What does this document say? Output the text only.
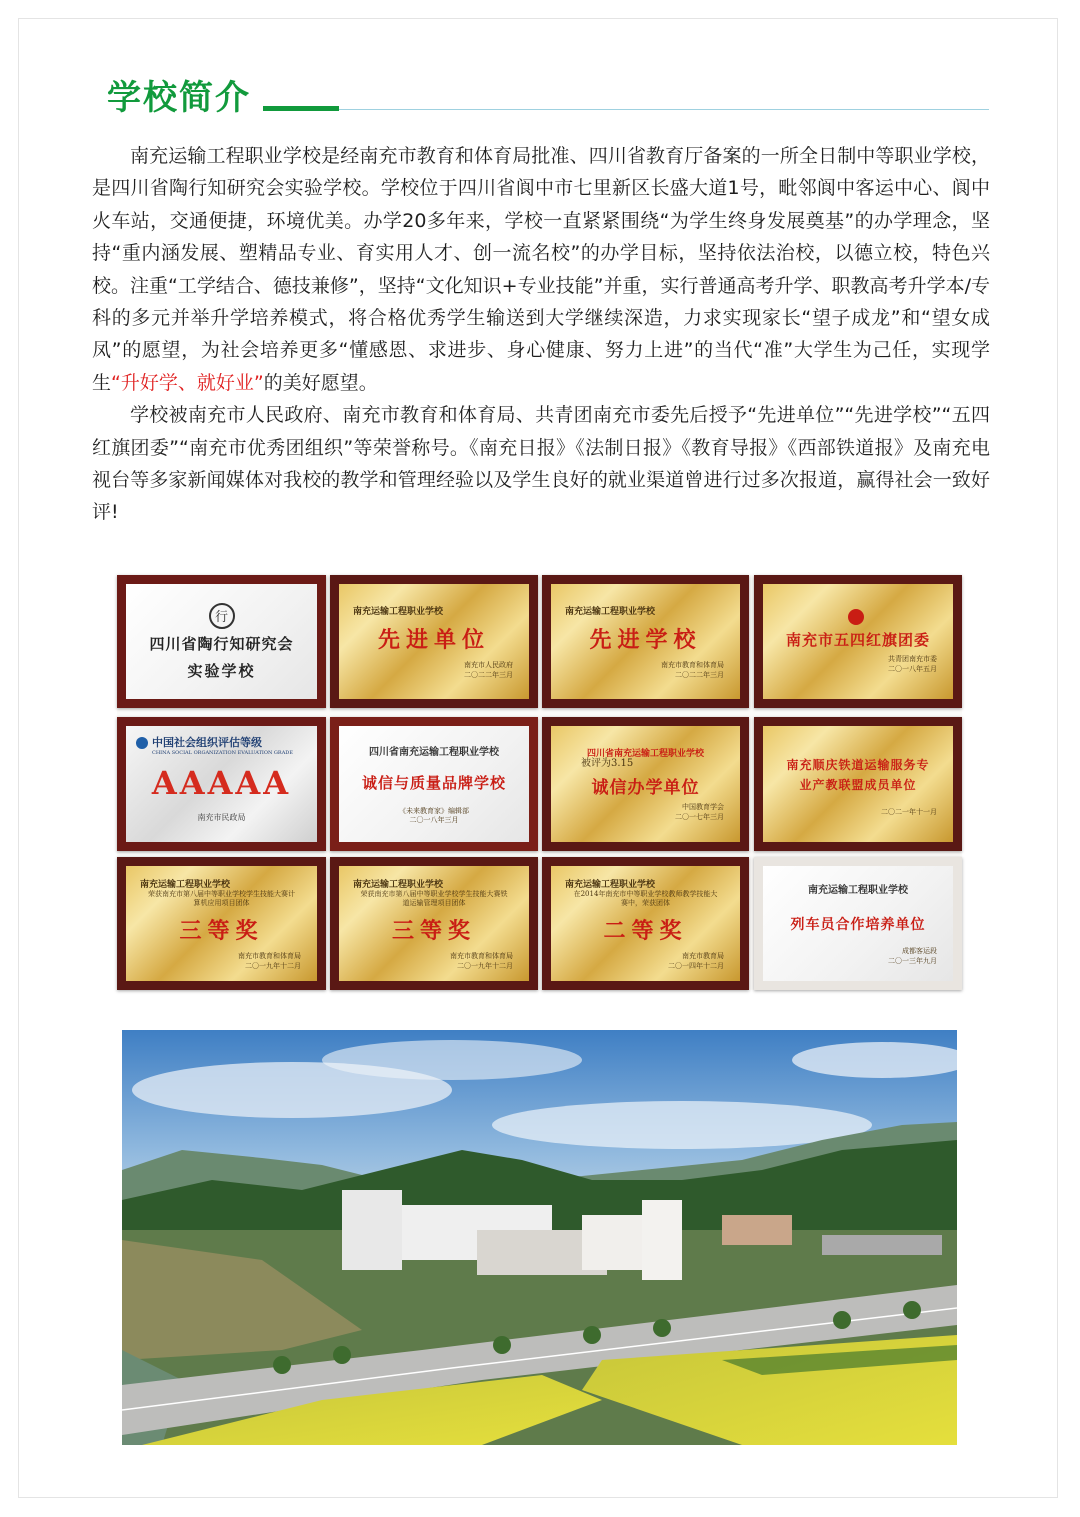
学校简介

南充运输工程职业学校是经南充市教育和体育局批准、四川省教育厅备案的一所全日制中等职业学校，是四川省陶行知研究会实验学校。学校位于四川省阆中市七里新区长盛大道1号，毗邻阆中客运中心、阆中火车站，交通便捷，环境优美。办学20多年来，学校一直紧紧围绕“为学生终身发展奠基”的办学理念，坚持“重内涵发展、塑精品专业、育实用人才、创一流名校”的办学目标，坚持依法治校，以德立校，特色兴校。注重“工学结合、德技兼修”，坚持“文化知识+专业技能”并重，实行普通高考升学、职教高考升学本/专科的多元并举升学培养模式，将合格优秀学生输送到大学继续深造，力求实现家长“望子成龙”和“望女成凤”的愿望，为社会培养更多“懂感恩、求进步、身心健康、努力上进”的当代“准”大学生为己任，实现学生“升好学、就好业”的美好愿望。

学校被南充市人民政府、南充市教育和体育局、共青团南充市委先后授予“先进单位”“先进学校”“五四红旗团委”“南充市优秀团组织”等荣誉称号。《南充日报》《法制日报》《教育导报》《西部铁道报》及南充电视台等多家新闻媒体对我校的教学和管理经验以及学生良好的就业渠道曾进行过多次报道，赢得社会一致好评!

行
四川省陶行知研究会
实验学校
南充运输工程职业学校
先进单位
南充市人民政府
二〇二二年三月
南充运输工程职业学校
先进学校
南充市教育和体育局
二〇二二年三月
南充市五四红旗团委
共青团南充市委
二〇一八年五月
中国社会组织评估等级
CHINA SOCIAL ORGANIZATION EVALUATION GRADE
AAAAA
南充市民政局
四川省南充运输工程职业学校
诚信与质量品牌学校
《未来教育家》编辑部
二〇一八年三月
四川省南充运输工程职业学校
被评为3.15
诚信办学单位
中国教育学会
二〇一七年三月
南充顺庆铁道运输服务专业产教联盟成员单位
二〇二一年十一月
南充运输工程职业学校
荣获南充市第八届中等职业学校学生技能大赛计算机应用项目团体
三等奖
南充市教育和体育局
二〇一九年十二月
南充运输工程职业学校
荣获南充市第八届中等职业学校学生技能大赛铁道运输管理项目团体
三等奖
南充市教育和体育局
二〇一九年十二月
南充运输工程职业学校
在2014年南充市中等职业学校教师教学技能大赛中，荣获团体
二等奖
南充市教育局
二〇一四年十二月
南充运输工程职业学校
列车员合作培养单位
成都客运段
二〇一三年九月
